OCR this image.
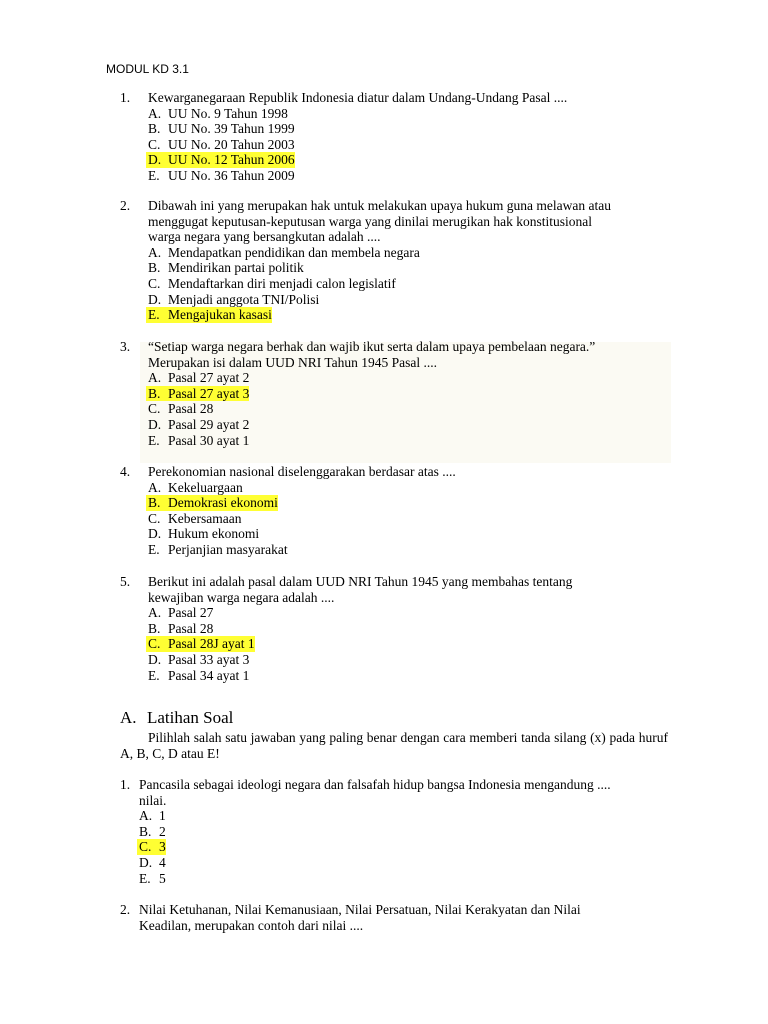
MODUL KD 3.1
1. Kewarganegaraan Republik Indonesia diatur dalam Undang-Undang Pasal ....
A. UU No. 9 Tahun 1998
B. UU No. 39 Tahun 1999
C. UU No. 20 Tahun 2003
D. UU No. 12 Tahun 2006
E. UU No. 36 Tahun 2009
2. Dibawah ini yang merupakan hak untuk melakukan upaya hukum guna melawan atau
menggugat keputusan-keputusan warga yang dinilai merugikan hak konstitusional
warga negara yang bersangkutan adalah ....
A. Mendapatkan pendidikan dan membela negara
B. Mendirikan partai politik
C. Mendaftarkan diri menjadi calon legislatif
D. Menjadi anggota TNI/Polisi
E. Mengajukan kasasi
3. “Setiap warga negara berhak dan wajib ikut serta dalam upaya pembelaan negara.”
Merupakan isi dalam UUD NRI Tahun 1945 Pasal ....
A. Pasal 27 ayat 2
B. Pasal 27 ayat 3
C. Pasal 28
D. Pasal 29 ayat 2
E. Pasal 30 ayat 1
4. Perekonomian nasional diselenggarakan berdasar atas ....
A. Kekeluargaan
B. Demokrasi ekonomi
C. Kebersamaan
D. Hukum ekonomi
E. Perjanjian masyarakat
5. Berikut ini adalah pasal dalam UUD NRI Tahun 1945 yang membahas tentang
kewajiban warga negara adalah ....
A. Pasal 27
B. Pasal 28
C. Pasal 28J ayat 1
D. Pasal 33 ayat 3
E. Pasal 34 ayat 1
A. Latihan Soal
Pilihlah salah satu jawaban yang paling benar dengan cara memberi tanda silang (x) pada huruf A, B, C, D atau E!
1. Pancasila sebagai ideologi negara dan falsafah hidup bangsa Indonesia mengandung ....
nilai.
A. 1
B. 2
C. 3
D. 4
E. 5
2. Nilai Ketuhanan, Nilai Kemanusiaan, Nilai Persatuan, Nilai Kerakyatan dan Nilai
Keadilan, merupakan contoh dari nilai ....
